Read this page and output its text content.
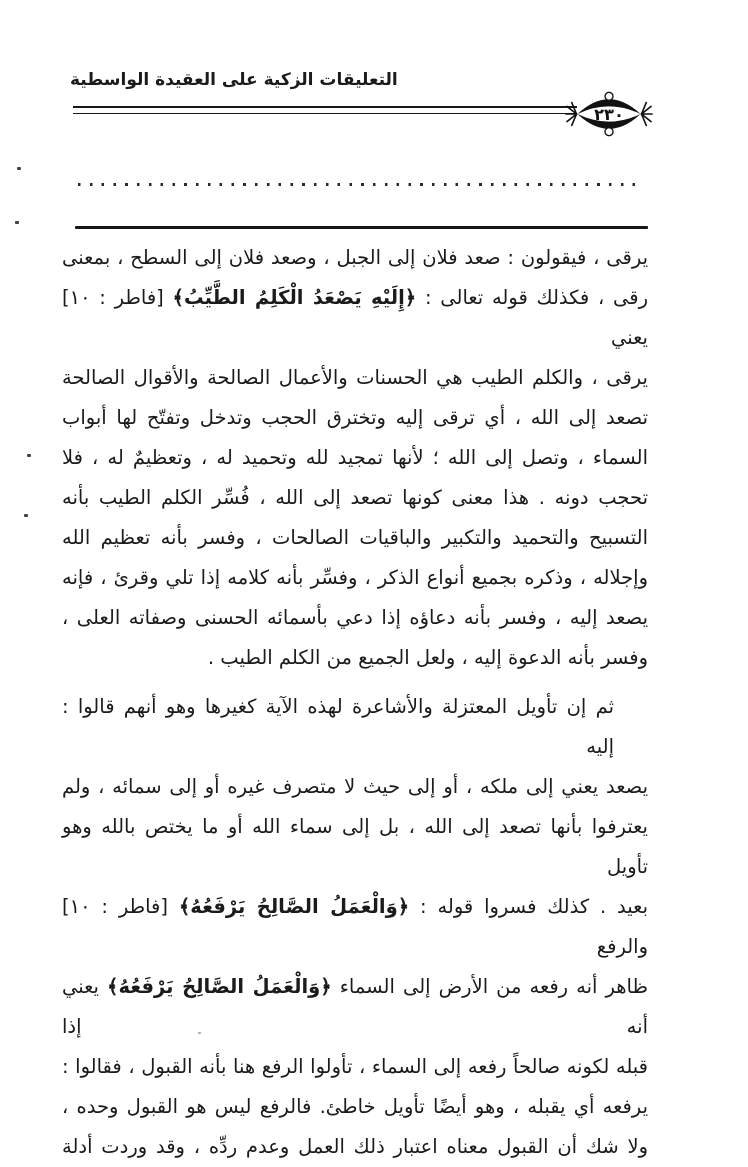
التعليقات الزكية على العقيدة الواسطية
٢٣٠
يرقى ، فيقولون : صعد فلان إلى الجبل ، وصعد فلان إلى السطح ، بمعنى
رقى ، فكذلك قوله تعالى : ﴿إِلَيْهِ يَصْعَدُ الْكَلِمُ الطَّيِّبُ﴾ [فاطر : ١٠] يعني
يرقى ، والكلم الطيب هي الحسنات والأعمال الصالحة والأقوال الصالحة
تصعد إلى الله ، أي ترقى إليه وتخترق الحجب وتدخل وتفتّح لها أبواب
السماء ، وتصل إلى الله ؛ لأنها تمجيد لله وتحميد له ، وتعظيمٌ له ، فلا
تحجب دونه . هذا معنى كونها تصعد إلى الله ، فُسِّر الكلم الطيب بأنه
التسبيح والتحميد والتكبير والباقيات الصالحات ، وفسر بأنه تعظيم الله
وإجلاله ، وذكره بجميع أنواع الذكر ، وفسِّر بأنه كلامه إذا تلي وقرئ ، فإنه
يصعد إليه ، وفسر بأنه دعاؤه إذا دعي بأسمائه الحسنى وصفاته العلى ،
وفسر بأنه الدعوة إليه ، ولعل الجميع من الكلم الطيب .
ثم إن تأويل المعتزلة والأشاعرة لهذه الآية كغيرها وهو أنهم قالوا : إليه
يصعد يعني إلى ملكه ، أو إلى حيث لا متصرف غيره أو إلى سمائه ، ولم
يعترفوا بأنها تصعد إلى الله ، بل إلى سماء الله أو ما يختص بالله وهو تأويل
بعيد . كذلك فسروا قوله : ﴿وَالْعَمَلُ الصَّالِحُ يَرْفَعُهُ﴾ [فاطر : ١٠] والرفع
ظاهر أنه رفعه من الأرض إلى السماء ﴿وَالْعَمَلُ الصَّالِحُ يَرْفَعُهُ﴾ يعني أنه إذا
قبله لكونه صالحاً رفعه إلى السماء ، تأولوا الرفع هنا بأنه القبول ، فقالوا :
يرفعه أي يقبله ، وهو أيضًا تأويل خاطئ. فالرفع ليس هو القبول وحده ،
ولا شك أن القبول معناه اعتبار ذلك العمل وعدم ردِّه ، وقد وردت أدلة
